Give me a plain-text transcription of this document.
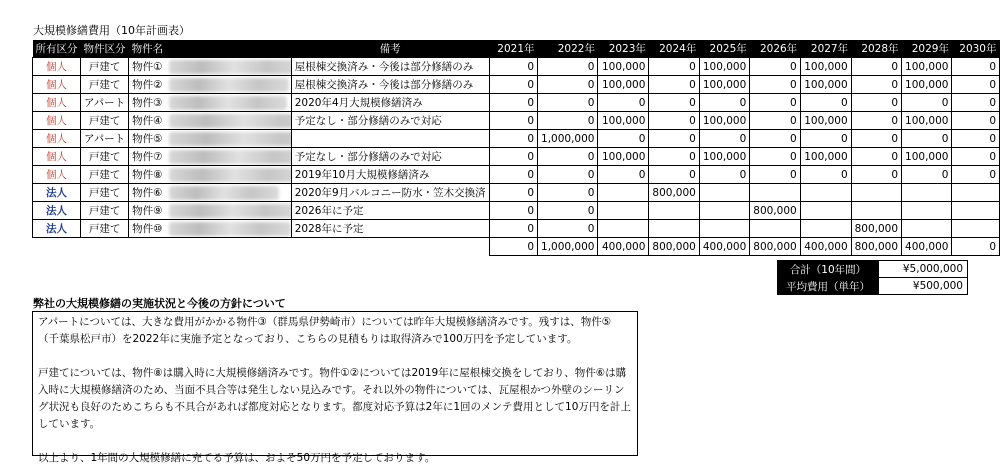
大規模修繕費用（10年計画表）
所有区分	物件区分	物件名	備考	2021年	2022年	2023年	2024年	2025年	2026年	2027年	2028年	2029年	2030年
個人	戸建て	物件①	屋根棟交換済み・今後は部分修繕のみ	0	0	100,000	0	100,000	0	100,000	0	100,000	0
個人	戸建て	物件②	屋根棟交換済み・今後は部分修繕のみ	0	0	100,000	0	100,000	0	100,000	0	100,000	0
個人	アパート	物件③	2020年4月大規模修繕済み	0	0	0	0	0	0	0	0	0	0
個人	戸建て	物件④	予定なし・部分修繕のみで対応	0	0	100,000	0	100,000	0	100,000	0	100,000	0
個人	アパート	物件⑤		0	1,000,000	0	0	0	0	0	0	0	0
個人	戸建て	物件⑦	予定なし・部分修繕のみで対応	0	0	100,000	0	100,000	0	100,000	0	100,000	0
個人	戸建て	物件⑧	2019年10月大規模修繕済み	0	0	0	0	0	0	0	0	0	0
法人	戸建て	物件⑥	2020年9月バルコニー防水・笠木交換済	0	0		800,000						
法人	戸建て	物件⑨	2026年に予定	0	0				800,000				
法人	戸建て	物件⑩	2028年に予定	0	0						800,000		
				0	1,000,000	400,000	800,000	400,000	800,000	400,000	800,000	400,000	0
合計（10年間）	¥5,000,000
平均費用（単年）	¥500,000
弊社の大規模修繕の実施状況と今後の方針について

アパートについては、大きな費用がかかる物件③（群馬県伊勢崎市）については昨年大規模修繕済みです。残すは、物件⑤（千葉県松戸市）を2022年に実施予定となっており、こちらの見積もりは取得済みで100万円を予定しています。

戸建てについては、物件⑧は購入時に大規模修繕済みです。物件①②については2019年に屋根棟交換をしており、物件⑥は購入時に大規模修繕済のため、当面不具合等は発生しない見込みです。それ以外の物件については、瓦屋根かつ外壁のシーリング状況も良好のためこちらも不具合があれば都度対応となります。都度対応予算は2年に1回のメンテ費用として10万円を計上しています。

以上より、1年間の大規模修繕に充てる予算は、およそ50万円を予定しております。
